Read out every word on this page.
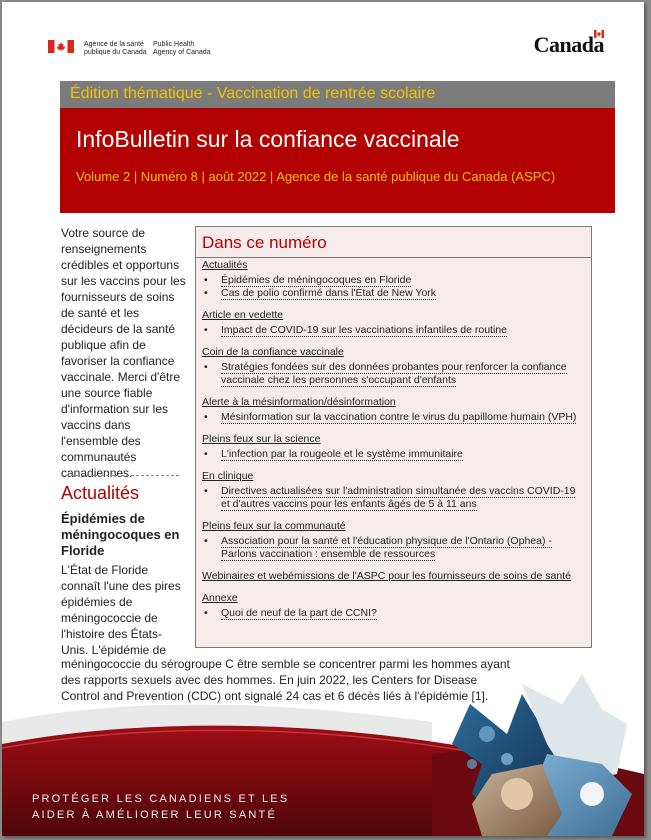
Agence de la santé
publique du Canada
Public Health
Agency of Canada	Canada
Édition thématique - Vaccination de rentrée scolaire
InfoBulletin sur la confiance vaccinale
Volume 2 | Numéro 8 | août 2022 | Agence de la santé publique du Canada (ASPC)
Votre source de renseignements crédibles et opportuns sur les vaccins pour les fournisseurs de soins de santé et les décideurs de la santé publique afin de favoriser la confiance vaccinale. Merci d'être une source fiable d'information sur les vaccins dans l'ensemble des communautés canadiennes.
Actualités
Épidémies de méningocoques en Floride
L'État de Floride connaît l'une des pires épidémies de méningococcie de l'histoire des États-Unis. L'épidémie de
méningococcie du sérogroupe C être semble se concentrer parmi les hommes ayant des rapports sexuels avec des hommes. En juin 2022, les Centers for Disease Control and Prevention (CDC) ont signalé 24 cas et 6 décès liés à l'épidémie [1].
Dans ce numéro
Actualités
• Épidémies de méningocoques en Floride
• Cas de polio confirmé dans l'État de New York
Article en vedette
• Impact de COVID-19 sur les vaccinations infantiles de routine
Coin de la confiance vaccinale
• Stratégies fondées sur des données probantes pour renforcer la confiance vaccinale chez les personnes s'occupant d'enfants
Alerte à la mésinformation/désinformation
• Mésinformation sur la vaccination contre le virus du papillome humain (VPH)
Pleins feux sur la science
• L'infection par la rougeole et le système immunitaire
En clinique
• Directives actualisées sur l'administration simultanée des vaccins COVID-19 et d'autres vaccins pour les enfants âgés de 5 à 11 ans
Pleins feux sur la communauté
• Association pour la santé et l'éducation physique de l'Ontario (Ophea) - Parlons vaccination : ensemble de ressources
Webinaires et webémissions de l'ASPC pour les fournisseurs de soins de santé
Annexe
• Quoi de neuf de la part de CCNI?
PROTÉGER LES CANADIENS ET LES
AIDER À AMÉLIORER LEUR SANTÉ
